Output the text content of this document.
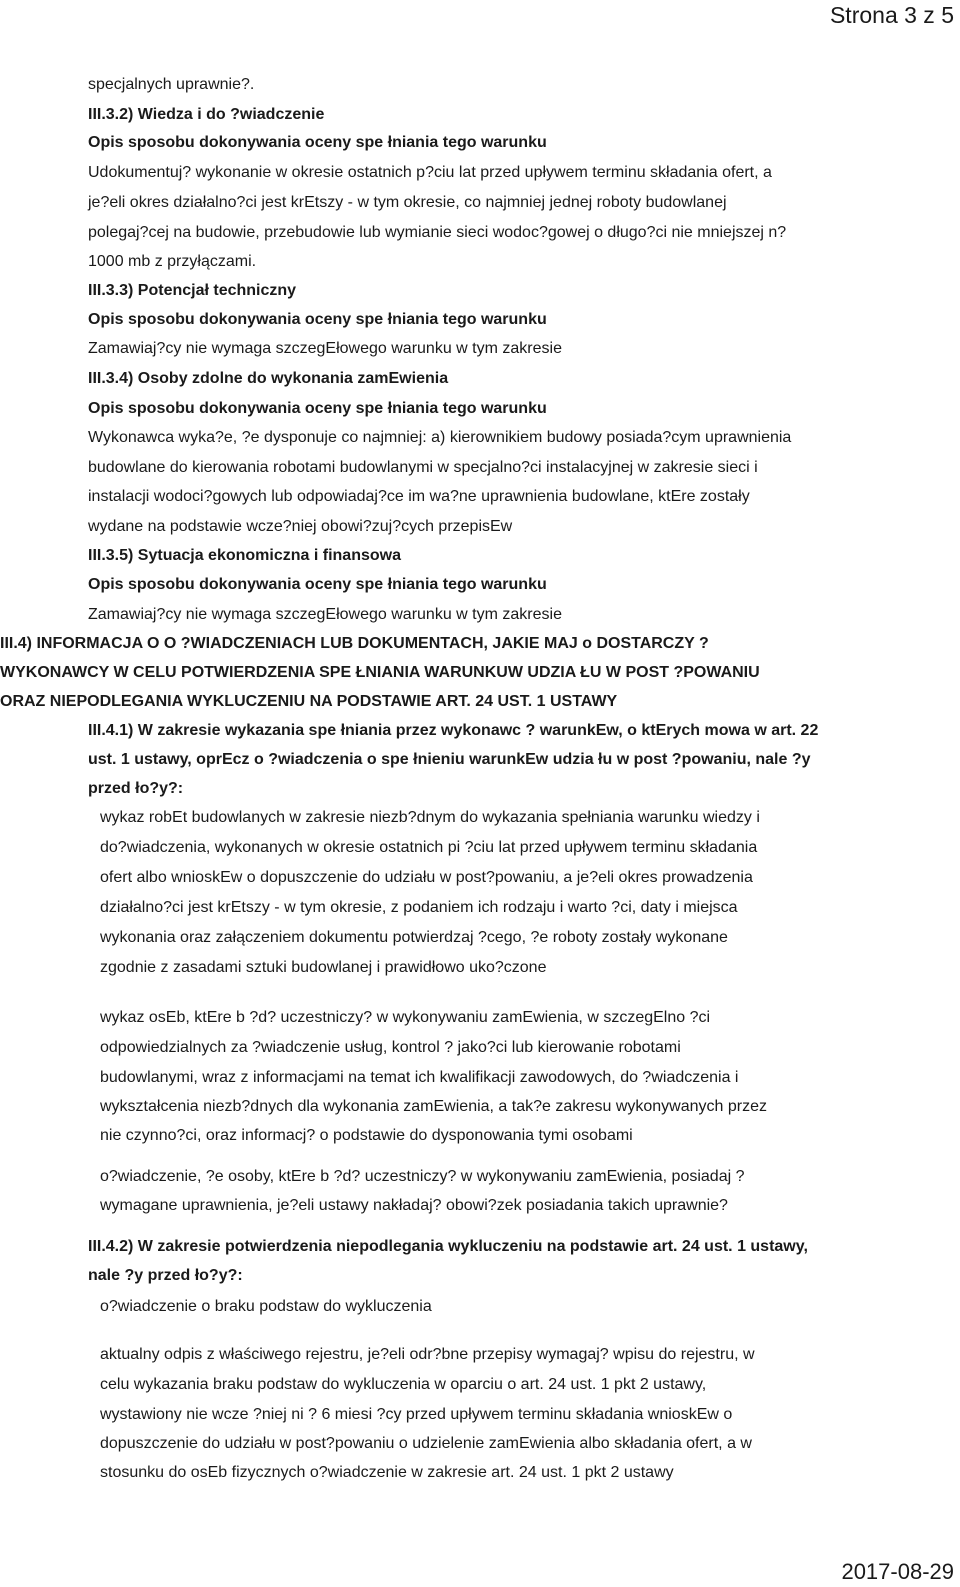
Strona 3 z 5
specjalnych uprawnie?.
III.3.2) Wiedza i do ?wiadczenie
Opis sposobu dokonywania oceny spe łniania tego warunku
Udokumentuj? wykonanie w okresie ostatnich p?ciu lat przed upływem terminu składania ofert, a
je?eli okres działalno?ci jest krEtszy - w tym okresie, co najmniej jednej roboty budowlanej
polegaj?cej na budowie, przebudowie lub wymianie sieci wodoc?gowej o długo?ci nie mniejszej n?
1000 mb z przyłączami.
III.3.3) Potencjał techniczny
Opis sposobu dokonywania oceny spe łniania tego warunku
Zamawiaj?cy nie wymaga szczegEłowego warunku w tym zakresie
III.3.4) Osoby zdolne do wykonania zamEwienia
Opis sposobu dokonywania oceny spe łniania tego warunku
Wykonawca wyka?e, ?e dysponuje co najmniej: a) kierownikiem budowy posiada?cym uprawnienia
budowlane do kierowania robotami budowlanymi w specjalno?ci instalacyjnej w zakresie sieci i
instalacji wodoci?gowych lub odpowiadaj?ce im wa?ne uprawnienia budowlane, ktEre zostały
wydane na podstawie wcze?niej obowi?zuj?cych przepisEw
III.3.5) Sytuacja ekonomiczna i finansowa
Opis sposobu dokonywania oceny spe łniania tego warunku
Zamawiaj?cy nie wymaga szczegEłowego warunku w tym zakresie
III.4) INFORMACJA O O ?WIADCZENIACH LUB DOKUMENTACH, JAKIE MAJ o DOSTARCZY ?
WYKONAWCY W CELU POTWIERDZENIA SPE ŁNIANIA WARUNKUW UDZIA ŁU W POST ?POWANIU
ORAZ NIEPODLEGANIA WYKLUCZENIU NA PODSTAWIE ART. 24 UST. 1 USTAWY
III.4.1) W zakresie wykazania spe łniania przez wykonawc ? warunkEw, o ktErych mowa w art. 22
ust. 1 ustawy, oprEcz o ?wiadczenia o spe łnieniu warunkEw udzia łu w post ?powaniu, nale ?y
przed ło?y?:
wykaz robEt budowlanych w zakresie niezb?dnym do wykazania spełniania warunku wiedzy i
do?wiadczenia, wykonanych w okresie ostatnich pi ?ciu lat przed upływem terminu składania
ofert albo wnioskEw o dopuszczenie do udziału w post?powaniu, a je?eli okres prowadzenia
działalno?ci jest krEtszy - w tym okresie, z podaniem ich rodzaju i warto ?ci, daty i miejsca
wykonania oraz załączeniem dokumentu potwierdzaj ?cego, ?e roboty zostały wykonane
zgodnie z zasadami sztuki budowlanej i prawidłowo uko?czone
wykaz osEb, ktEre b ?d? uczestniczy? w wykonywaniu zamEwienia, w szczegElno ?ci
odpowiedzialnych za ?wiadczenie usług, kontrol ? jako?ci lub kierowanie robotami
budowlanymi, wraz z informacjami na temat ich kwalifikacji zawodowych, do ?wiadczenia i
wykształcenia niezb?dnych dla wykonania zamEwienia, a tak?e zakresu wykonywanych przez
nie czynno?ci, oraz informacj? o podstawie do dysponowania tymi osobami
o?wiadczenie, ?e osoby, ktEre b ?d? uczestniczy? w wykonywaniu zamEwienia, posiadaj ?
wymagane uprawnienia, je?eli ustawy nakładaj? obowi?zek posiadania takich uprawnie?
III.4.2) W zakresie potwierdzenia niepodlegania wykluczeniu na podstawie art. 24 ust. 1 ustawy,
nale ?y przed ło?y?:
o?wiadczenie o braku podstaw do wykluczenia
aktualny odpis z właściwego rejestru, je?eli odr?bne przepisy wymagaj? wpisu do rejestru, w
celu wykazania braku podstaw do wykluczenia w oparciu o art. 24 ust. 1 pkt 2 ustawy,
wystawiony nie wcze ?niej ni ? 6 miesi ?cy przed upływem terminu składania wnioskEw o
dopuszczenie do udziału w post?powaniu o udzielenie zamEwienia albo składania ofert, a w
stosunku do osEb fizycznych o?wiadczenie w zakresie art. 24 ust. 1 pkt 2 ustawy
2017-08-29
